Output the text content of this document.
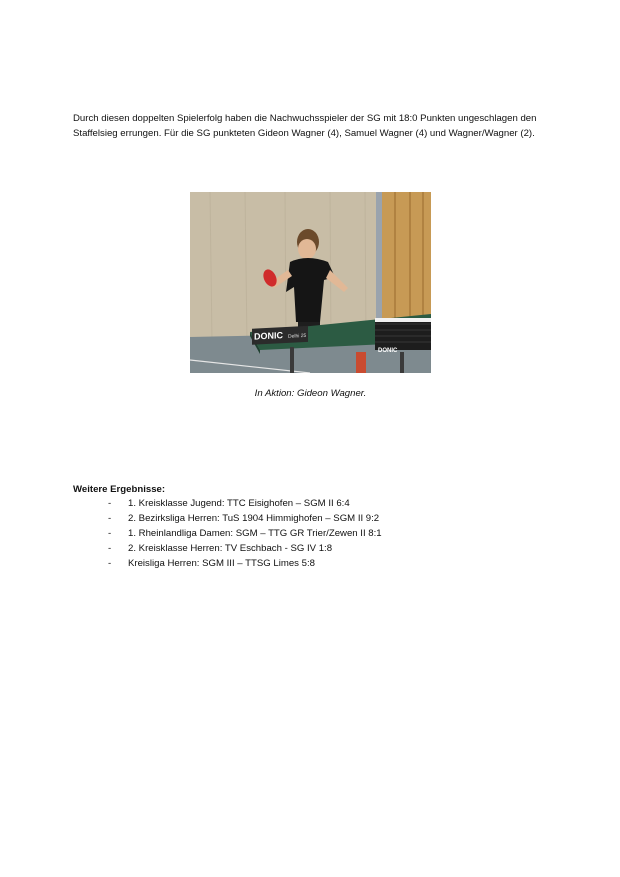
Durch diesen doppelten Spielerfolg haben die Nachwuchsspieler der SG mit 18:0 Punkten ungeschlagen den Staffelsieg errungen. Für die SG punkteten Gideon Wagner (4), Samuel Wagner (4) und Wagner/Wagner (2).

DONIC Delhi 25
DONIC
In Aktion: Gideon Wagner.
Weitere Ergebnisse:
-	1. Kreisklasse Jugend: TTC Eisighofen – SGM II 6:4
-	2. Bezirksliga Herren: TuS 1904 Himmighofen – SGM II 9:2
-	1. Rheinlandliga Damen: SGM – TTG GR Trier/Zewen II 8:1
-	2. Kreisklasse Herren: TV Eschbach - SG IV 1:8
-	Kreisliga Herren: SGM III – TTSG Limes 5:8
